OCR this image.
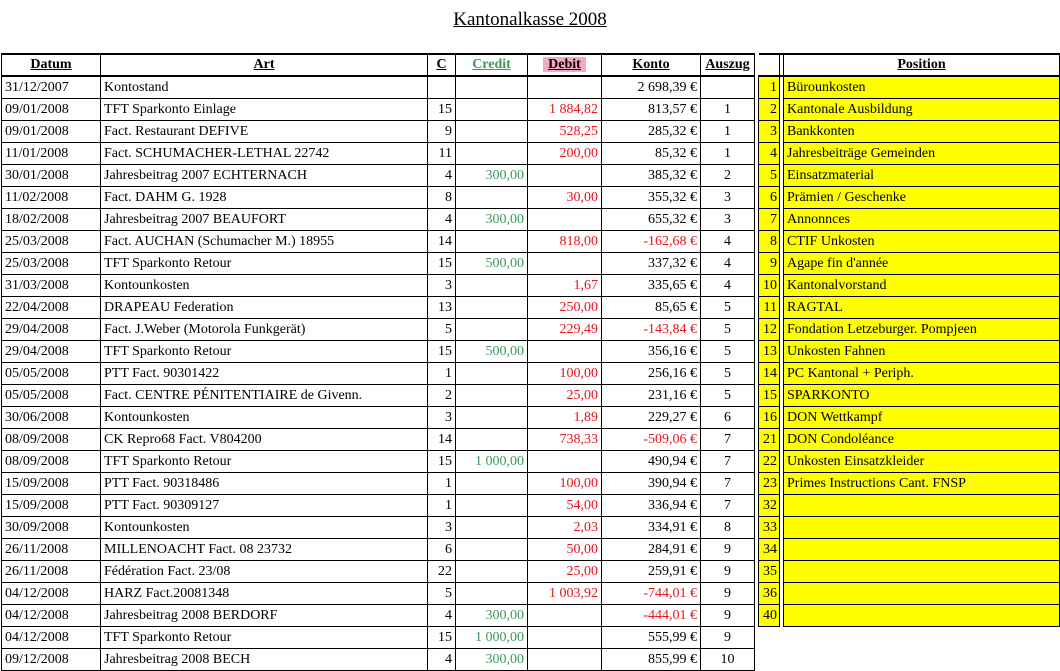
Kantonalkasse 2008
Datum	Art	C	Credit	Debit	Konto	Auszug
31/12/2007	Kontostand				2 698,39 €	
09/01/2008	TFT Sparkonto Einlage	15		1 884,82	813,57 €	1
09/01/2008	Fact. Restaurant DEFIVE	9		528,25	285,32 €	1
11/01/2008	Fact. SCHUMACHER-LETHAL 22742	11		200,00	85,32 €	1
30/01/2008	Jahresbeitrag 2007 ECHTERNACH	4	300,00		385,32 €	2
11/02/2008	Fact. DAHM G. 1928	8		30,00	355,32 €	3
18/02/2008	Jahresbeitrag 2007 BEAUFORT	4	300,00		655,32 €	3
25/03/2008	Fact. AUCHAN (Schumacher M.) 18955	14		818,00	-162,68 €	4
25/03/2008	TFT Sparkonto Retour	15	500,00		337,32 €	4
31/03/2008	Kontounkosten	3		1,67	335,65 €	4
22/04/2008	DRAPEAU Federation	13		250,00	85,65 €	5
29/04/2008	Fact. J.Weber (Motorola Funkgerät)	5		229,49	-143,84 €	5
29/04/2008	TFT Sparkonto Retour	15	500,00		356,16 €	5
05/05/2008	PTT Fact. 90301422	1		100,00	256,16 €	5
05/05/2008	Fact. CENTRE PÉNITENTIAIRE de Givenn.	2		25,00	231,16 €	5
30/06/2008	Kontounkosten	3		1,89	229,27 €	6
08/09/2008	CK Repro68 Fact. V804200	14		738,33	-509,06 €	7
08/09/2008	TFT Sparkonto Retour	15	1 000,00		490,94 €	7
15/09/2008	PTT Fact. 90318486	1		100,00	390,94 €	7
15/09/2008	PTT Fact. 90309127	1		54,00	336,94 €	7
30/09/2008	Kontounkosten	3		2,03	334,91 €	8
26/11/2008	MILLENOACHT Fact. 08 23732	6		50,00	284,91 €	9
26/11/2008	Fédération Fact. 23/08	22		25,00	259,91 €	9
04/12/2008	HARZ Fact.20081348	5		1 003,92	-744,01 €	9
04/12/2008	Jahresbeitrag 2008 BERDORF	4	300,00		-444,01 €	9
04/12/2008	TFT Sparkonto Retour	15	1 000,00		555,99 €	9
09/12/2008	Jahresbeitrag 2008 BECH	4	300,00		855,99 €	10
		Position
1		Bürounkosten
2		Kantonale Ausbildung
3		Bankkonten
4		Jahresbeiträge Gemeinden
5		Einsatzmaterial
6		Prämien / Geschenke
7		Annonnces
8		CTIF Unkosten
9		Agape fin d'année
10		Kantonalvorstand
11		RAGTAL
12		Fondation Letzeburger. Pompjeen
13		Unkosten Fahnen
14		PC Kantonal + Periph.
15		SPARKONTO
16		DON Wettkampf
21		DON Condoléance
22		Unkosten Einsatzkleider
23		Primes Instructions Cant. FNSP
32		
33		
34		
35		
36		
40		
